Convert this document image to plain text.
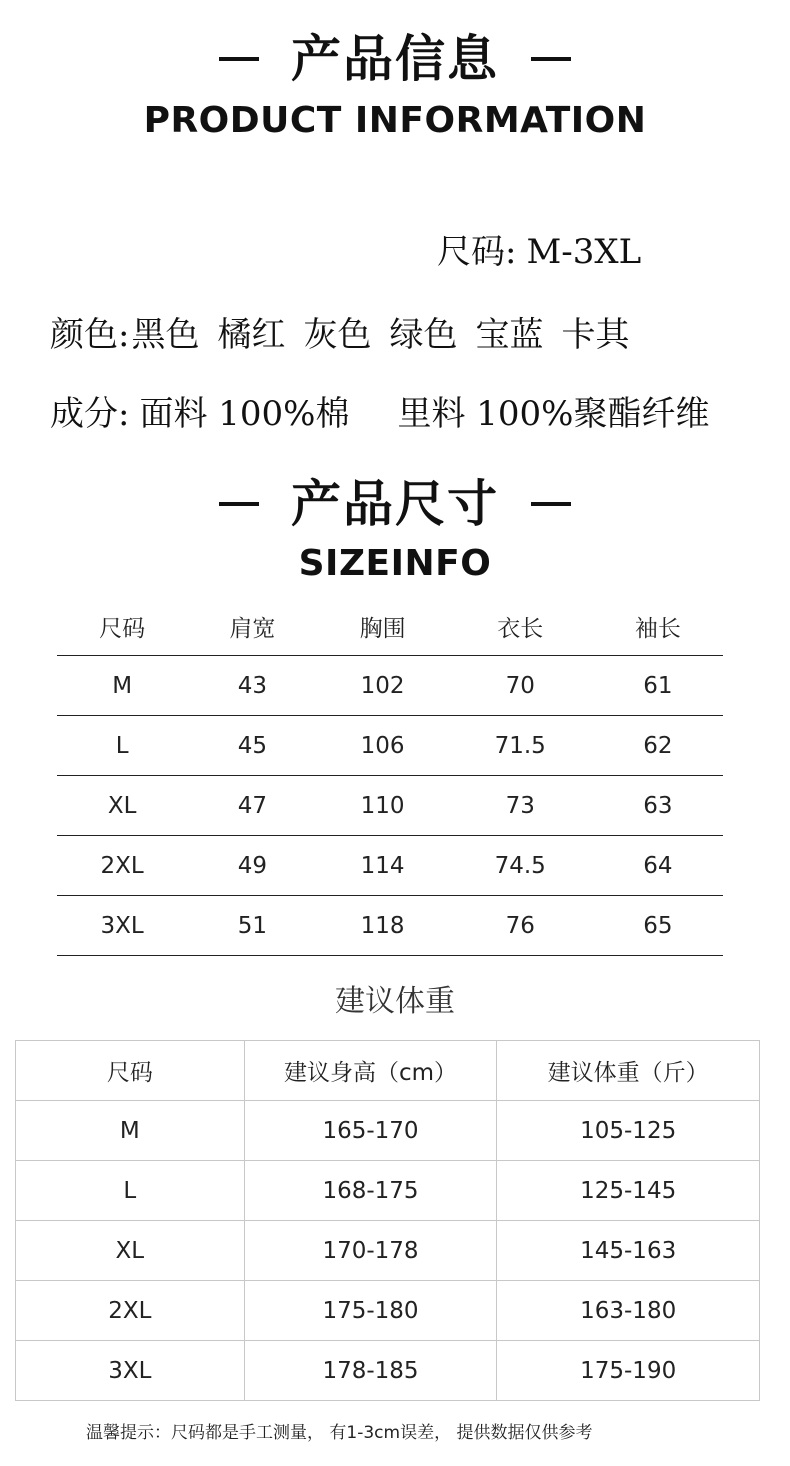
产品信息
PRODUCT INFORMATION
尺码: M-3XL
颜色:黑色 橘红 灰色 绿色 宝蓝 卡其
成分: 面料 100%棉 里料 100%聚酯纤维
产品尺寸
SIZEINFO
尺码	肩宽	胸围	衣长	袖长
M	43	102	70	61
L	45	106	71.5	62
XL	47	110	73	63
2XL	49	114	74.5	64
3XL	51	118	76	65
建议体重
尺码	建议身高（cm）	建议体重（斤）
M	165-170	105-125
L	168-175	125-145
XL	170-178	145-163
2XL	175-180	163-180
3XL	178-185	175-190
温馨提示：尺码都是手工测量， 有1-3cm误差， 提供数据仅供参考
